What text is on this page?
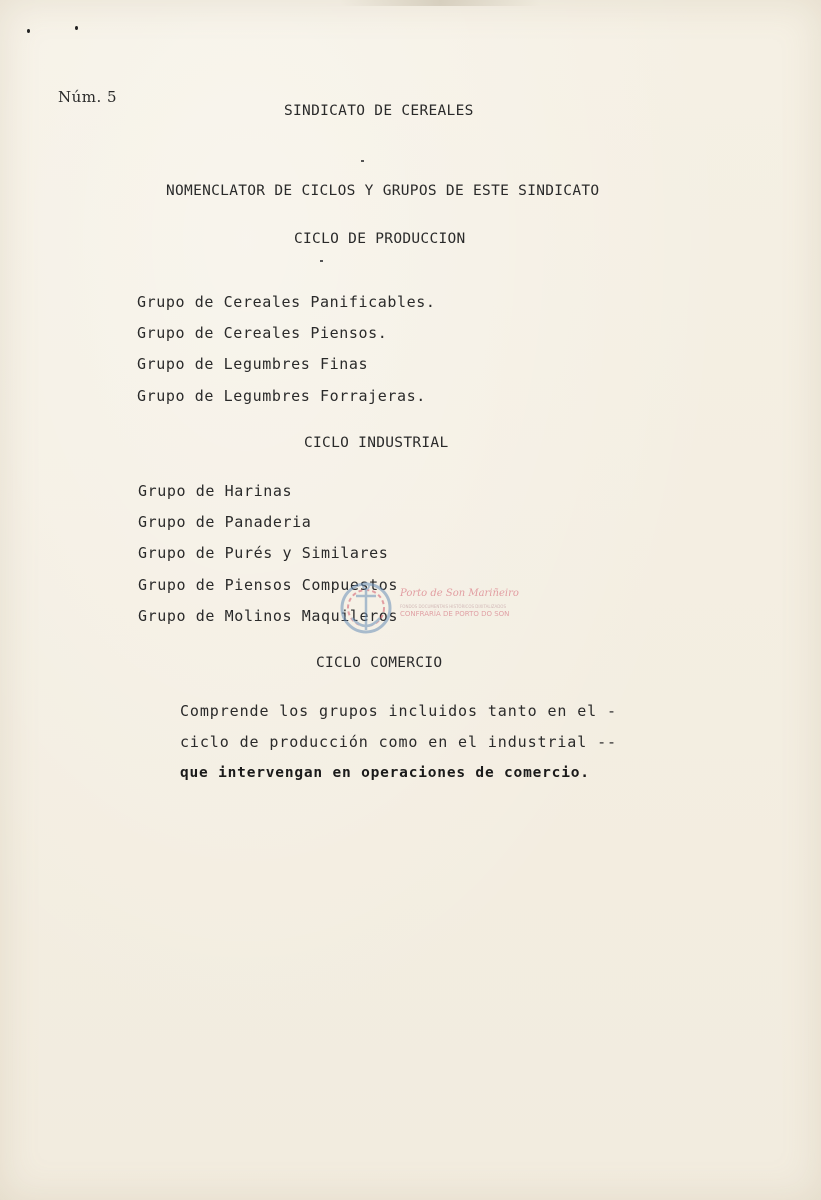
Núm. 5
SINDICATO DE CEREALES
NOMENCLATOR DE CICLOS Y GRUPOS DE ESTE SINDICATO
CICLO DE PRODUCCION
Grupo de Cereales Panificables.
Grupo de Cereales Piensos.
Grupo de Legumbres Finas
Grupo de Legumbres Forrajeras.
CICLO INDUSTRIAL
Grupo de Harinas
Grupo de Panaderia
Grupo de Purés y Similares
Grupo de Piensos Compuestos
Grupo de Molinos Maquileros
Porto de Son Mariñeiro
FONDOS DOCUMENTAIS HISTÓRICOS DIXITALIZADOS
CONFRARÍA DE PORTO DO SON
CICLO COMERCIO
Comprende los grupos incluidos tanto en el -
ciclo de producción como en el industrial --
que intervengan en operaciones de comercio.
